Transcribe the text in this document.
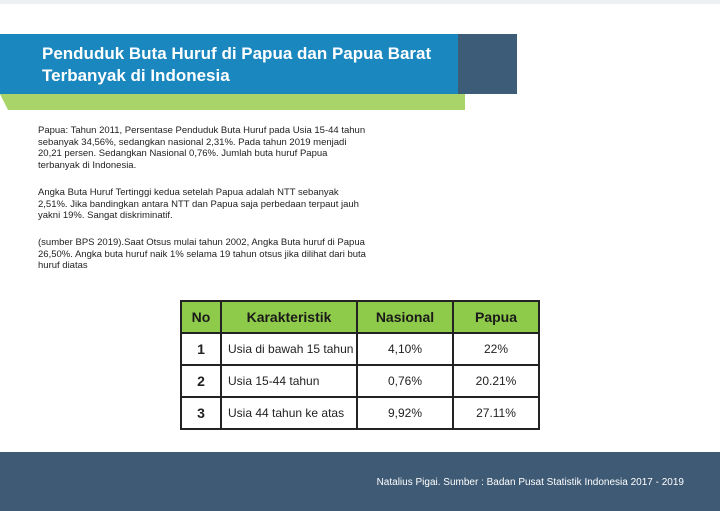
Penduduk Buta Huruf di Papua dan Papua Barat Terbanyak di Indonesia
Papua: Tahun 2011, Persentase Penduduk Buta Huruf pada Usia 15-44 tahun sebanyak 34,56%, sedangkan nasional 2,31%. Pada tahun 2019 menjadi 20,21 persen. Sedangkan Nasional 0,76%. Jumlah buta huruf Papua terbanyak di Indonesia.
Angka Buta Huruf Tertinggi kedua setelah Papua adalah NTT sebanyak 2,51%. Jika bandingkan antara NTT dan Papua saja perbedaan terpaut jauh yakni 19%. Sangat diskriminatif.
(sumber BPS 2019).Saat Otsus mulai tahun 2002, Angka Buta huruf di Papua 26,50%. Angka buta huruf naik 1% selama 19 tahun otsus jika dilihat dari buta huruf diatas
No	Karakteristik	Nasional	Papua
1	Usia di bawah 15 tahun	4,10%	22%
2	Usia 15-44 tahun	0,76%	20.21%
3	Usia 44 tahun ke atas	9,92%	27.11%
Natalius Pigai. Sumber : Badan Pusat Statistik Indonesia 2017 - 2019
